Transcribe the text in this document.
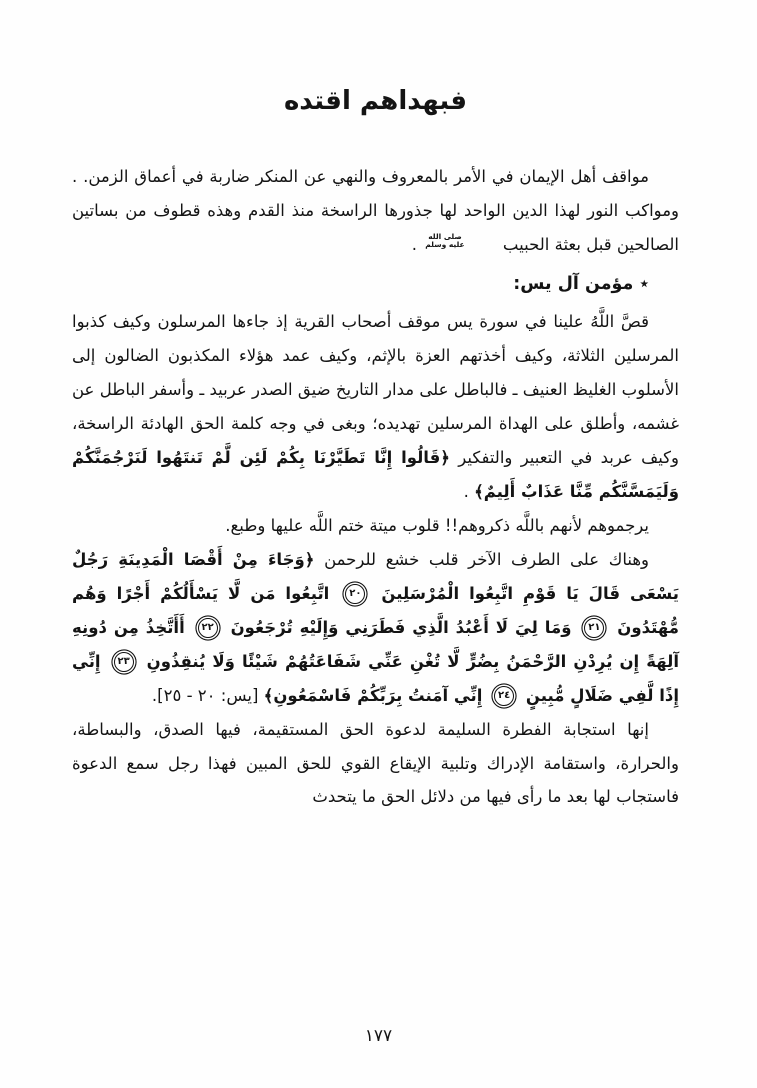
فبهداهم اقتده

مواقف أهل الإيمان في الأمر بالمعروف والنهي عن المنكر ضاربة في أعماق الزمن. . ومواكب النور لهذا الدين الواحد لها جذورها الراسخة منذ القدم وهذه قطوف من بساتين الصالحين قبل بعثة الحبيب
صلى الله
عليه وسلم
.

٭ مؤمن آل يس:

قصَّ اللَّهُ علينا في سورة يس موقف أصحاب القرية إذ جاءها المرسلون وكيف كذبوا المرسلين الثلاثة، وكيف أخذتهم العزة بالإثم، وكيف عمد هؤلاء المكذبون الضالون إلى الأسلوب الغليظ العنيف ـ فالباطل على مدار التاريخ ضيق الصدر عربيد ـ وأسفر الباطل عن غشمه، وأطلق على الهداة المرسلين تهديده؛ وبغى في وجه كلمة الحق الهادئة الراسخة، وكيف عربد في التعبير والتفكير ﴿قَالُوا إِنَّا تَطَيَّرْنَا بِكُمْ لَئِن لَّمْ تَنتَهُوا لَنَرْجُمَنَّكُمْ وَلَيَمَسَّنَّكُم مِّنَّا عَذَابٌ أَلِيمٌ﴾ .

يرجموهم لأنهم باللَّه ذكروهم!! قلوب ميتة ختم اللَّه عليها وطبع.

وهناك على الطرف الآخر قلب خشع للرحمن ﴿وَجَاءَ مِنْ أَقْصَا الْمَدِينَةِ رَجُلٌ يَسْعَى قَالَ يَا قَوْمِ اتَّبِعُوا الْمُرْسَلِينَ ٢٠ اتَّبِعُوا مَن لَّا يَسْأَلُكُمْ أَجْرًا وَهُم مُّهْتَدُونَ ٢١ وَمَا لِيَ لَا أَعْبُدُ الَّذِي فَطَرَنِي وَإِلَيْهِ تُرْجَعُونَ ٢٢ أَأَتَّخِذُ مِن دُونِهِ آلِهَةً إِن يُرِدْنِ الرَّحْمَنُ بِضُرٍّ لَّا تُغْنِ عَنِّي شَفَاعَتُهُمْ شَيْئًا وَلَا يُنقِذُونِ ٢٣ إِنِّي إِذًا لَّفِي ضَلَالٍ مُّبِينٍ ٢٤ إِنِّي آمَنتُ بِرَبِّكُمْ فَاسْمَعُونِ﴾ [يس: ٢٠ - ٢٥].

إنها استجابة الفطرة السليمة لدعوة الحق المستقيمة، فيها الصدق، والبساطة، والحرارة، واستقامة الإدراك وتلبية الإيقاع القوي للحق المبين فهذا رجل سمع الدعوة فاستجاب لها بعد ما رأى فيها من دلائل الحق ما يتحدث

١٧٧
